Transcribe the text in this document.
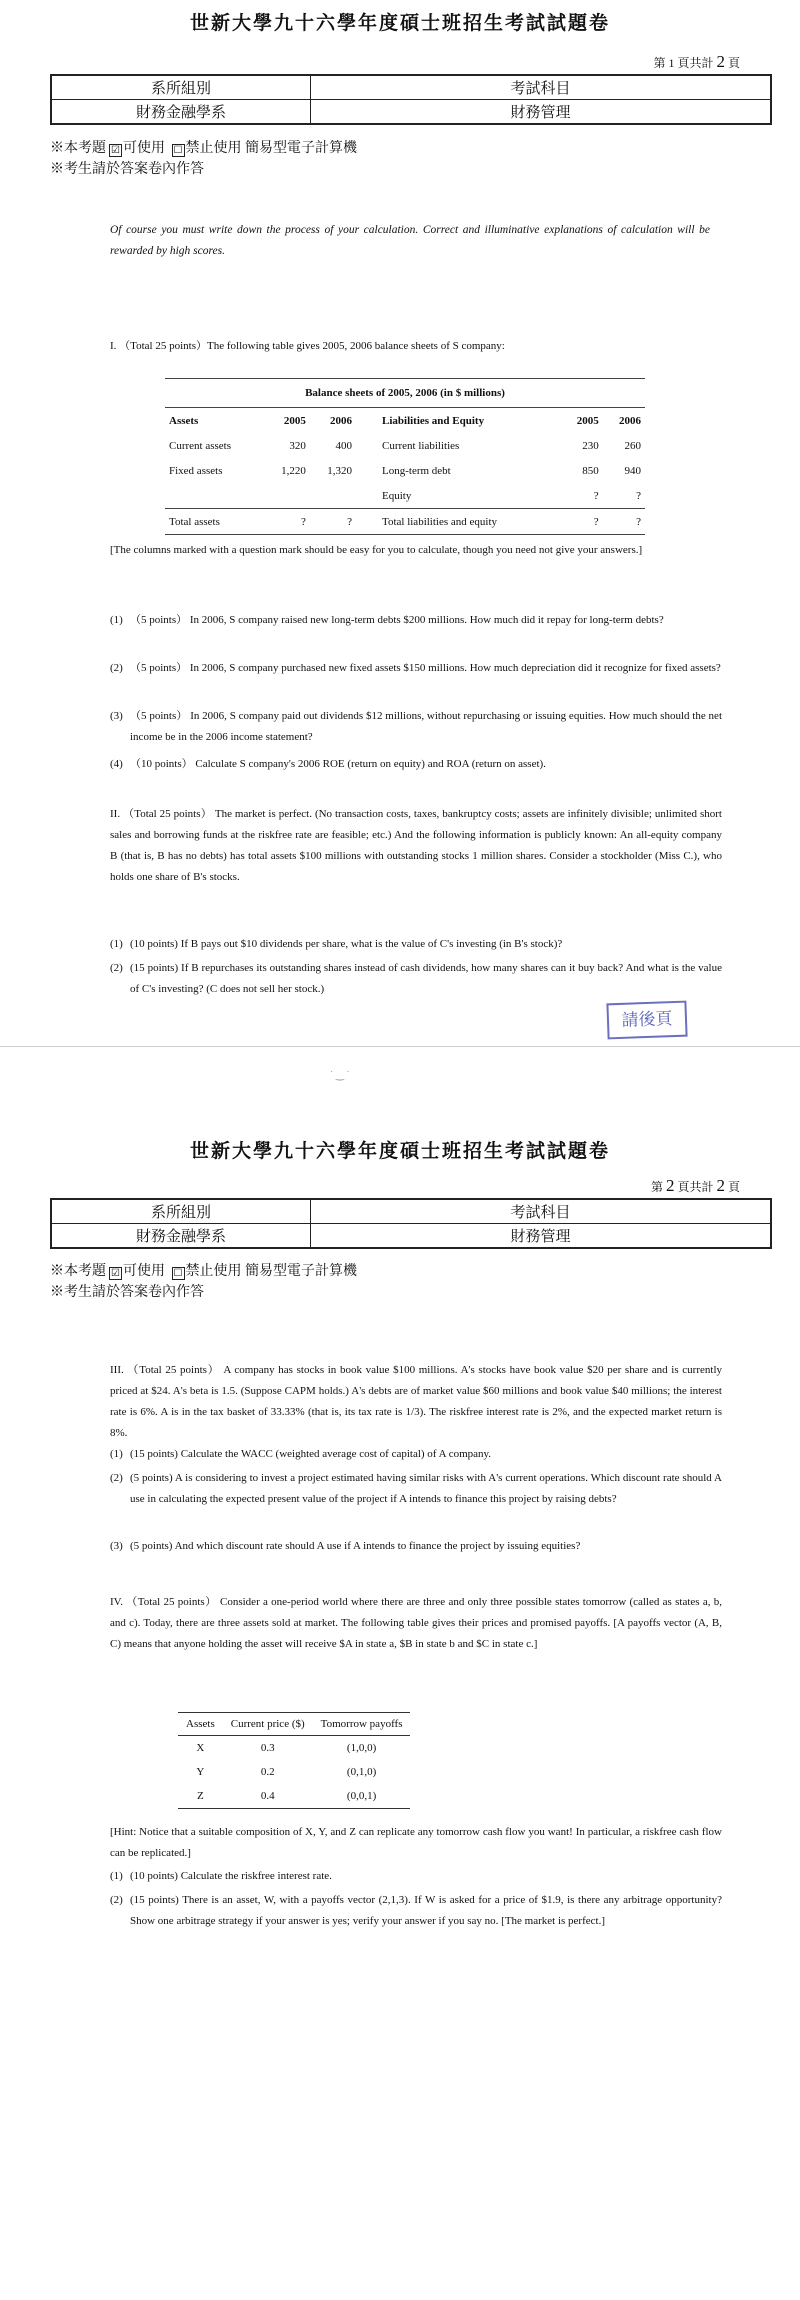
世新大學九十六學年度碩士班招生考試試題卷
第 1 頁共計 2 頁
系所組別	考試科目
財務金融學系	財務管理
※本考題 ☑ 可使用 ☐ 禁止使用 簡易型電子計算機
※考生請於答案卷內作答
Of course you must write down the process of your calculation. Correct and illuminative explanations of calculation will be rewarded by high scores.
I. （Total 25 points）The following table gives 2005, 2006 balance sheets of S company:
Balance sheets of 2005, 2006 (in $ millions)					
Assets	2005	2006	Liabilities and Equity	2005	2006
Current assets	320	400	Current liabilities	230	260
Fixed assets	1,220	1,320	Long-term debt	850	940
			Equity	?	?
Total assets	?	?	Total liabilities and equity	?	?
[The columns marked with a question mark should be easy for you to calculate, though you need not give your answers.]
(1) （5 points） In 2006, S company raised new long-term debts $200 millions. How much did it repay for long-term debts?
(2) （5 points） In 2006, S company purchased new fixed assets $150 millions. How much depreciation did it recognize for fixed assets?
(3) （5 points） In 2006, S company paid out dividends $12 millions, without repurchasing or issuing equities. How much should the net income be in the 2006 income statement?
(4) （10 points） Calculate S company's 2006 ROE (return on equity) and ROA (return on asset).
II. （Total 25 points） The market is perfect. (No transaction costs, taxes, bankruptcy costs; assets are infinitely divisible; unlimited short sales and borrowing funds at the riskfree rate are feasible; etc.) And the following information is publicly known: An all-equity company B (that is, B has no debts) has total assets $100 millions with outstanding stocks 1 million shares. Consider a stockholder (Miss C.), who holds one share of B's stocks.
(1) (10 points) If B pays out $10 dividends per share, what is the value of C's investing (in B's stock)?
(2) (15 points) If B repurchases its outstanding shares instead of cash dividends, how many shares can it buy back? And what is the value of C's investing? (C does not sell her stock.)
請後頁
˙ ‿ ˙
世新大學九十六學年度碩士班招生考試試題卷
第 2 頁共計 2 頁
系所組別	考試科目
財務金融學系	財務管理
※本考題 ☑ 可使用 ☐ 禁止使用 簡易型電子計算機
※考生請於答案卷內作答
III. （Total 25 points） A company has stocks in book value $100 millions. A's stocks have book value $20 per share and is currently priced at $24. A's beta is 1.5. (Suppose CAPM holds.) A's debts are of market value $60 millions and book value $40 millions; the interest rate is 6%. A is in the tax basket of 33.33% (that is, its tax rate is 1/3). The riskfree interest rate is 2%, and the expected market return is 8%.
(1) (15 points) Calculate the WACC (weighted average cost of capital) of A company.
(2) (5 points) A is considering to invest a project estimated having similar risks with A's current operations. Which discount rate should A use in calculating the expected present value of the project if A intends to finance this project by raising debts?
(3) (5 points) And which discount rate should A use if A intends to finance the project by issuing equities?
IV. （Total 25 points） Consider a one-period world where there are three and only three possible states tomorrow (called as states a, b, and c). Today, there are three assets sold at market. The following table gives their prices and promised payoffs. [A payoffs vector (A, B, C) means that anyone holding the asset will receive $A in state a, $B in state b and $C in state c.]
Assets	Current price ($)	Tomorrow payoffs
X	0.3	(1,0,0)
Y	0.2	(0,1,0)
Z	0.4	(0,0,1)
[Hint: Notice that a suitable composition of X, Y, and Z can replicate any tomorrow cash flow you want! In particular, a riskfree cash flow can be replicated.]
(1) (10 points) Calculate the riskfree interest rate.
(2) (15 points) There is an asset, W, with a payoffs vector (2,1,3). If W is asked for a price of $1.9, is there any arbitrage opportunity? Show one arbitrage strategy if your answer is yes; verify your answer if you say no. [The market is perfect.]
